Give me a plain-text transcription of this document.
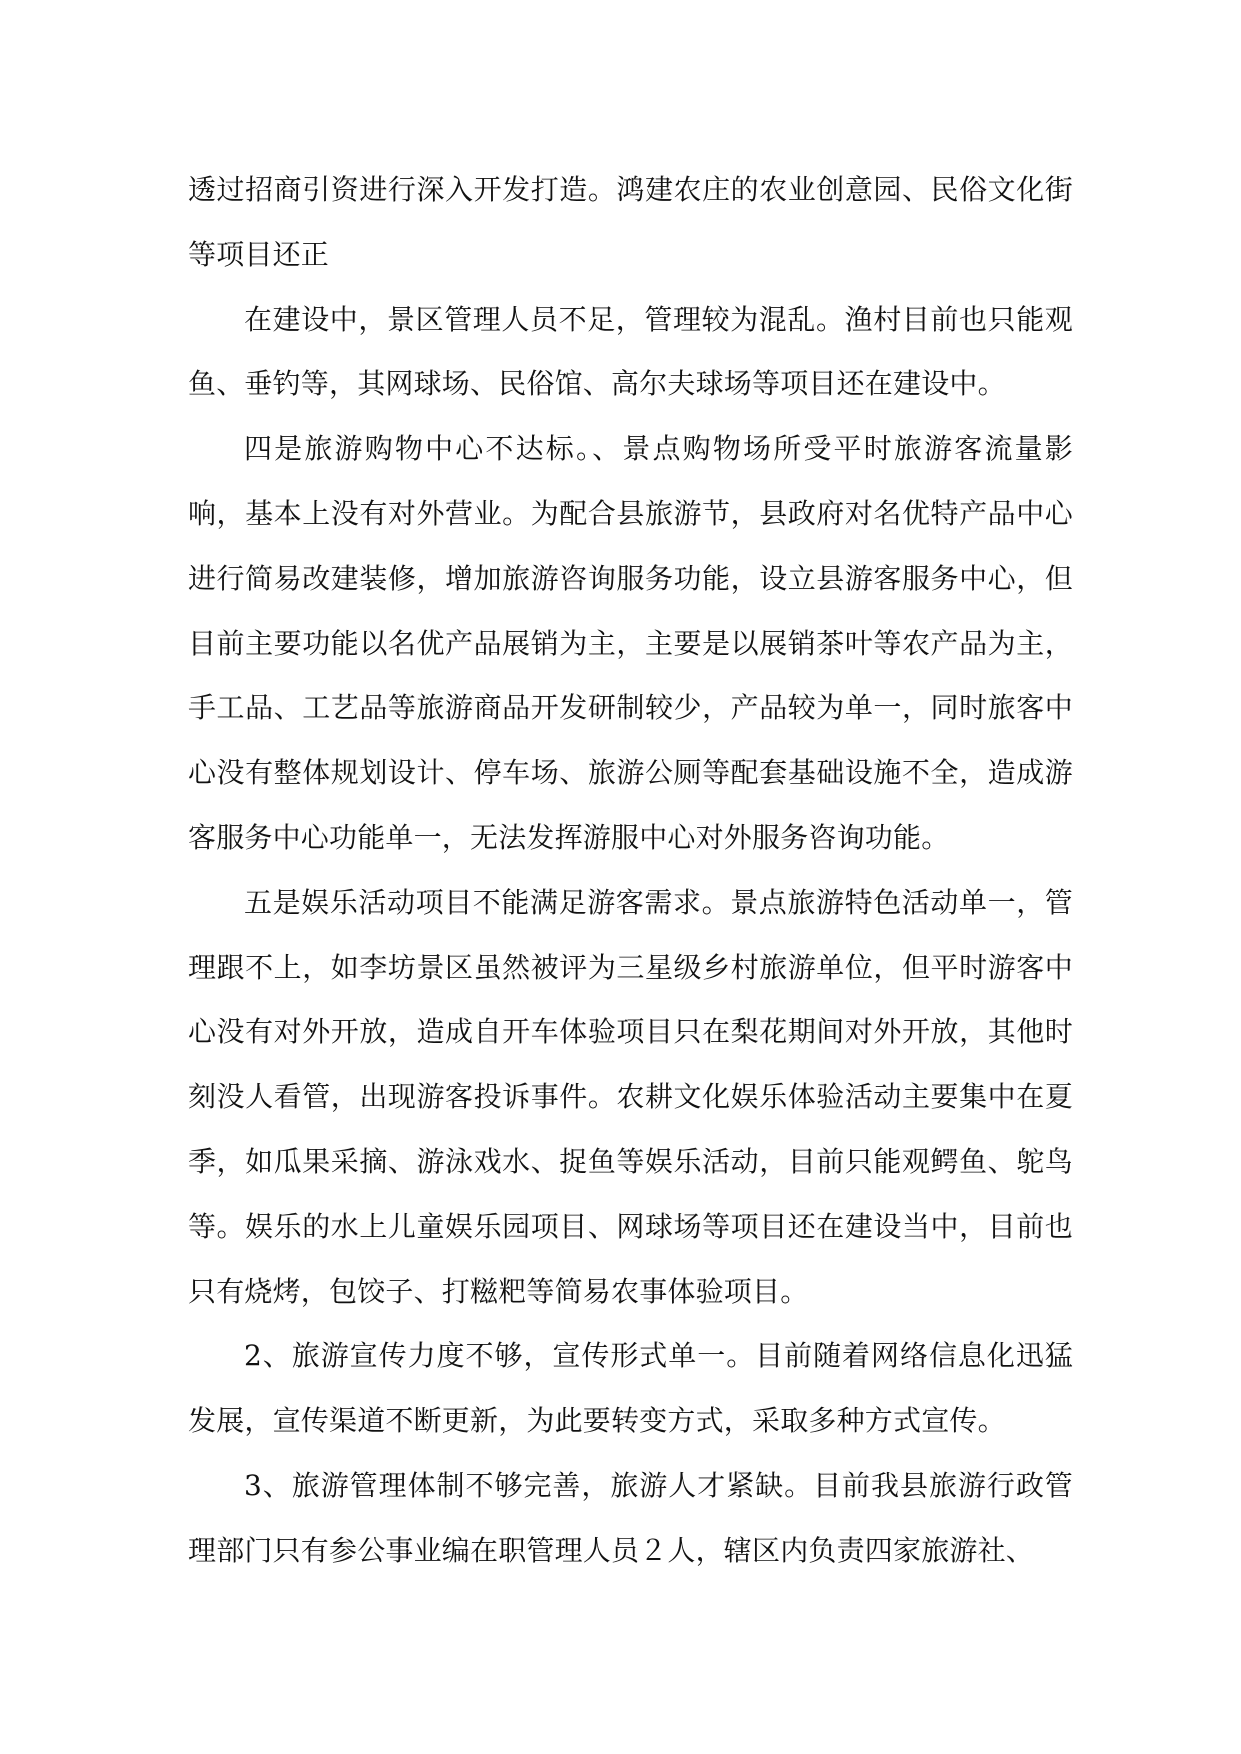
透过招商引资进行深入开发打造。鸿建农庄的农业创意园、民俗文化街等项目还正

在建设中，景区管理人员不足，管理较为混乱。渔村目前也只能观鱼、垂钓等，其网球场、民俗馆、高尔夫球场等项目还在建设中。

四是旅游购物中心不达标。、景点购物场所受平时旅游客流量影响，基本上没有对外营业。为配合县旅游节，县政府对名优特产品中心进行简易改建装修，增加旅游咨询服务功能，设立县游客服务中心，但目前主要功能以名优产品展销为主，主要是以展销茶叶等农产品为主，手工品、工艺品等旅游商品开发研制较少，产品较为单一，同时旅客中心没有整体规划设计、停车场、旅游公厕等配套基础设施不全，造成游客服务中心功能单一，无法发挥游服中心对外服务咨询功能。

五是娱乐活动项目不能满足游客需求。景点旅游特色活动单一，管理跟不上，如李坊景区虽然被评为三星级乡村旅游单位，但平时游客中心没有对外开放，造成自开车体验项目只在梨花期间对外开放，其他时刻没人看管，出现游客投诉事件。农耕文化娱乐体验活动主要集中在夏季，如瓜果采摘、游泳戏水、捉鱼等娱乐活动，目前只能观鳄鱼、鸵鸟等。娱乐的水上儿童娱乐园项目、网球场等项目还在建设当中，目前也只有烧烤，包饺子、打糍粑等简易农事体验项目。

2、旅游宣传力度不够，宣传形式单一。目前随着网络信息化迅猛发展，宣传渠道不断更新，为此要转变方式，采取多种方式宣传。

3、旅游管理体制不够完善，旅游人才紧缺。目前我县旅游行政管理部门只有参公事业编在职管理人员２人，辖区内负责四家旅游社、
